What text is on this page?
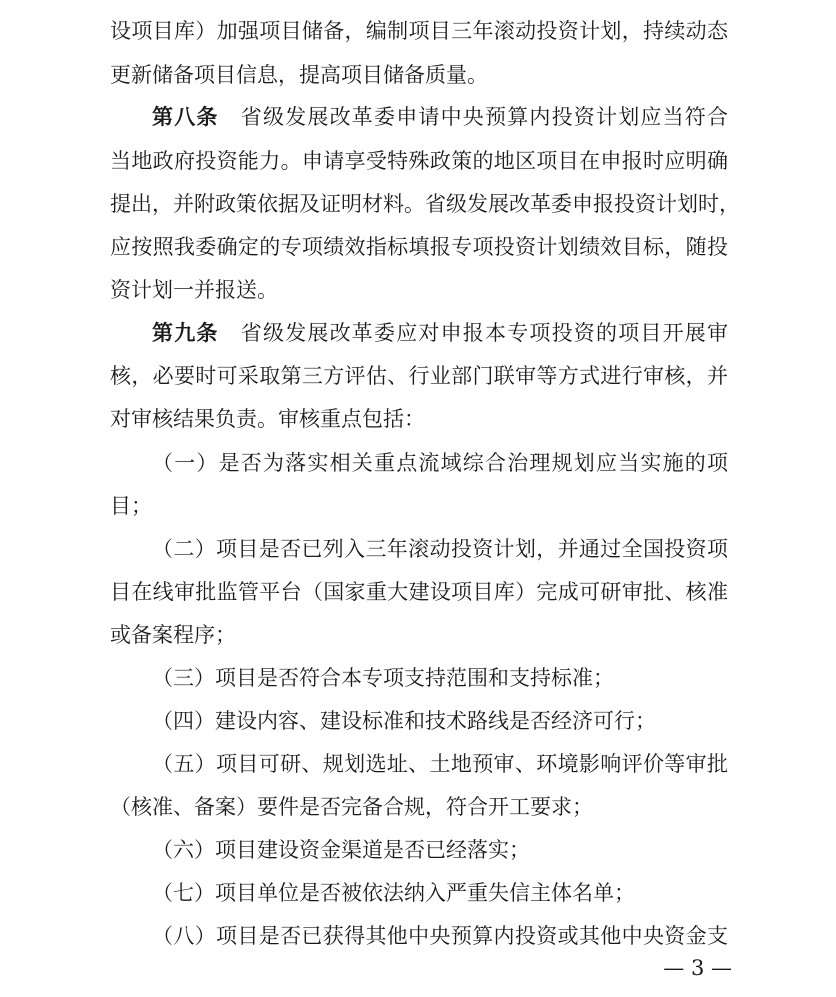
设项目库）加强项目储备，编制项目三年滚动投资计划，持续动态
更新储备项目信息，提高项目储备质量。
第八条　省级发展改革委申请中央预算内投资计划应当符合
当地政府投资能力。申请享受特殊政策的地区项目在申报时应明确
提出，并附政策依据及证明材料。省级发展改革委申报投资计划时，
应按照我委确定的专项绩效指标填报专项投资计划绩效目标，随投
资计划一并报送。
第九条　省级发展改革委应对申报本专项投资的项目开展审
核，必要时可采取第三方评估、行业部门联审等方式进行审核，并
对审核结果负责。审核重点包括：
（一）是否为落实相关重点流域综合治理规划应当实施的项
目；
（二）项目是否已列入三年滚动投资计划，并通过全国投资项
目在线审批监管平台（国家重大建设项目库）完成可研审批、核准
或备案程序；
（三）项目是否符合本专项支持范围和支持标准；
（四）建设内容、建设标准和技术路线是否经济可行；
（五）项目可研、规划选址、土地预审、环境影响评价等审批
（核准、备案）要件是否完备合规，符合开工要求；
（六）项目建设资金渠道是否已经落实；
（七）项目单位是否被依法纳入严重失信主体名单；
（八）项目是否已获得其他中央预算内投资或其他中央资金支
— 3 —
